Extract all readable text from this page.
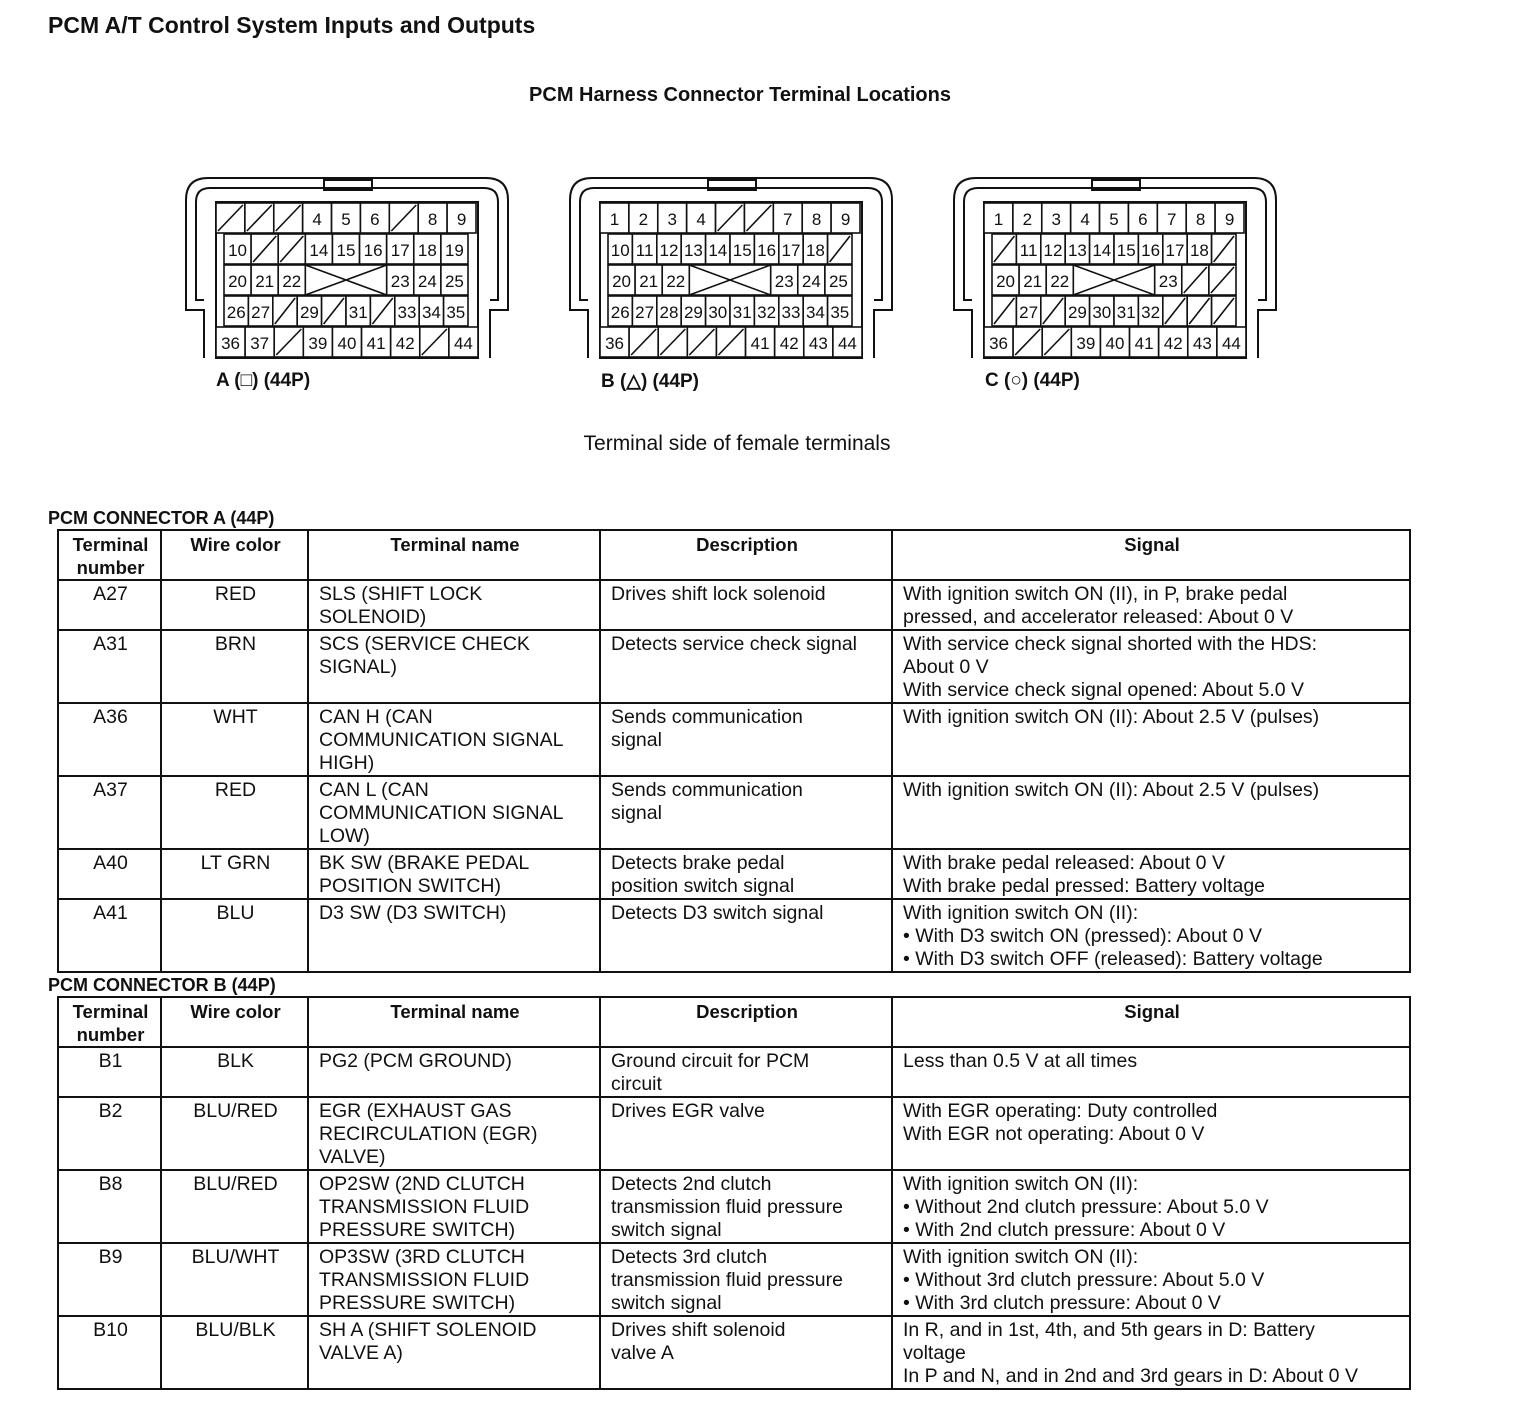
PCM A/T Control System Inputs and Outputs
PCM Harness Connector Terminal Locations
4 5 6	8 9
10	14 15 16 17 18 19
20 21 22	23 24 25
26 27 29 31 33 34 35
36 37 39 40 41 42 44
1 2 3 4	7 8 9
10 11 12 13 14 15 16 17 18
20 21 22	23 24 25
26 27 28 29 30 31 32 33 34 35
36	41 42 43 44
1 2 3 4 5 6 7 8 9
11 12 13 14 15 16 17 18
20 21 22	23
27 29 30 31 32
36	39 40 41 42 43 44
A (□) (44P)	B (△) (44P)	C (○) (44P)
Terminal side of female terminals
PCM CONNECTOR A (44P)
Terminal number	Wire color	Terminal name	Description	Signal
A27	RED	SLS (SHIFT LOCK
SOLENOID)	Drives shift lock solenoid	With ignition switch ON (II), in P, brake pedal
pressed, and accelerator released: About 0 V

A31	BRN	SCS (SERVICE CHECK
SIGNAL)	Detects service check signal	With service check signal shorted with the HDS:
About 0 V
With service check signal opened: About 5.0 V

A36	WHT	CAN H (CAN
COMMUNICATION SIGNAL
HIGH)	Sends communication
signal	With ignition switch ON (II): About 2.5 V (pulses)

A37	RED	CAN L (CAN
COMMUNICATION SIGNAL
LOW)	Sends communication
signal	With ignition switch ON (II): About 2.5 V (pulses)

A40	LT GRN	BK SW (BRAKE PEDAL
POSITION SWITCH)	Detects brake pedal
position switch signal	With brake pedal released: About 0 V
With brake pedal pressed: Battery voltage

A41	BLU	D3 SW (D3 SWITCH)	Detects D3 switch signal	With ignition switch ON (II):
• With D3 switch ON (pressed): About 0 V
• With D3 switch OFF (released): Battery voltage
PCM CONNECTOR B (44P)
Terminal number	Wire color	Terminal name	Description	Signal
B1	BLK	PG2 (PCM GROUND)	Ground circuit for PCM
circuit	Less than 0.5 V at all times

B2	BLU/RED	EGR (EXHAUST GAS
RECIRCULATION (EGR)
VALVE)	Drives EGR valve	With EGR operating: Duty controlled
With EGR not operating: About 0 V

B8	BLU/RED	OP2SW (2ND CLUTCH
TRANSMISSION FLUID
PRESSURE SWITCH)	Detects 2nd clutch
transmission fluid pressure
switch signal	With ignition switch ON (II):
• Without 2nd clutch pressure: About 5.0 V
• With 2nd clutch pressure: About 0 V

B9	BLU/WHT	OP3SW (3RD CLUTCH
TRANSMISSION FLUID
PRESSURE SWITCH)	Detects 3rd clutch
transmission fluid pressure
switch signal	With ignition switch ON (II):
• Without 3rd clutch pressure: About 5.0 V
• With 3rd clutch pressure: About 0 V

B10	BLU/BLK	SH A (SHIFT SOLENOID
VALVE A)	Drives shift solenoid
valve A	In R, and in 1st, 4th, and 5th gears in D: Battery
voltage
In P and N, and in 2nd and 3rd gears in D: About 0 V
